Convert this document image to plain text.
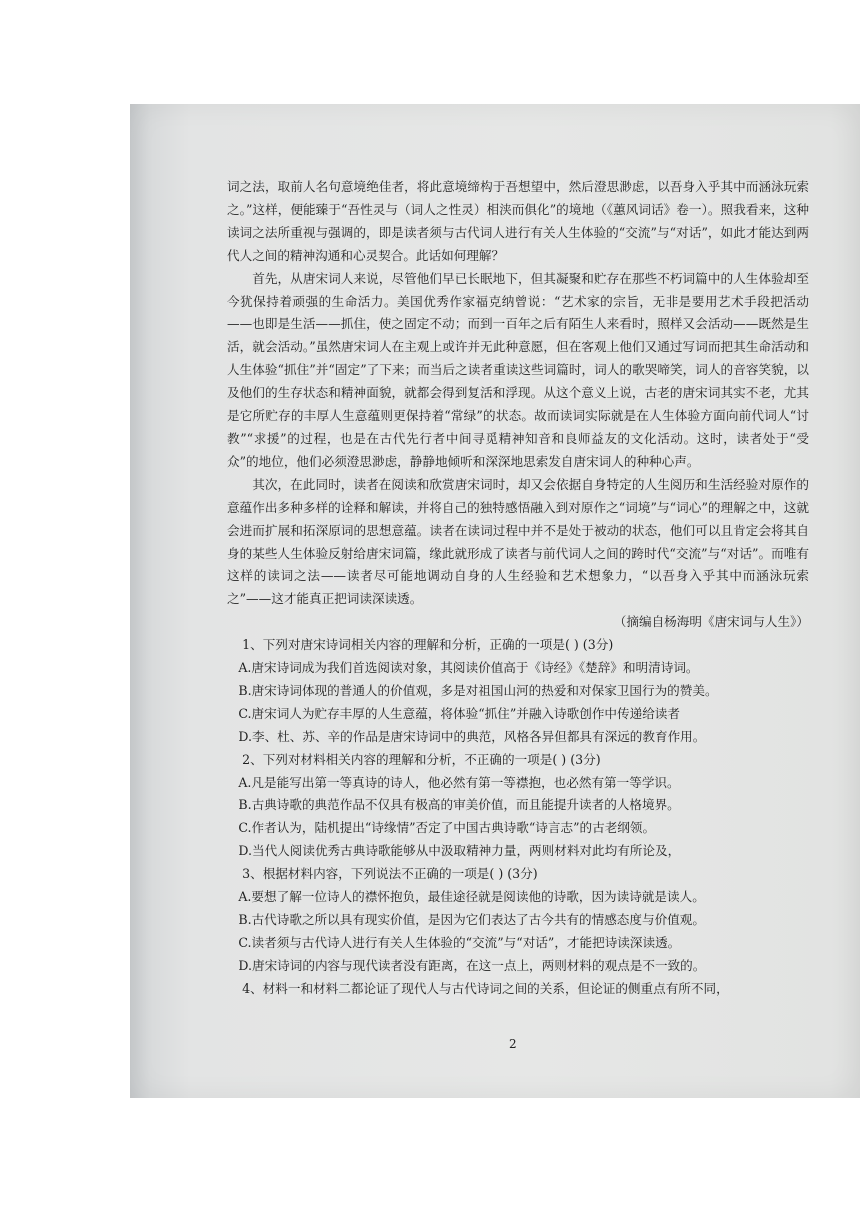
词之法，取前人名句意境绝佳者，将此意境缔构于吾想望中，然后澄思渺虑，以吾身入乎其中而涵泳玩索之。”这样，便能臻于“吾性灵与（词人之性灵）相浃而俱化”的境地（《蕙风词话》卷一）。照我看来，这种读词之法所重视与强调的，即是读者须与古代词人进行有关人生体验的“交流”与“对话”，如此才能达到两代人之间的精神沟通和心灵契合。此话如何理解？

首先，从唐宋词人来说，尽管他们早已长眠地下，但其凝聚和贮存在那些不朽词篇中的人生体验却至今犹保持着顽强的生命活力。美国优秀作家福克纳曾说：“艺术家的宗旨，无非是要用艺术手段把活动——也即是生活——抓住，使之固定不动；而到一百年之后有陌生人来看时，照样又会活动——既然是生活，就会活动。”虽然唐宋词人在主观上或许并无此种意愿，但在客观上他们又通过写词而把其生命活动和人生体验“抓住”并“固定”了下来；而当后之读者重读这些词篇时，词人的歌哭啼笑，词人的音容笑貌，以及他们的生存状态和精神面貌，就都会得到复活和浮现。从这个意义上说，古老的唐宋词其实不老，尤其是它所贮存的丰厚人生意蕴则更保持着“常绿”的状态。故而读词实际就是在人生体验方面向前代词人“讨教”“求援”的过程，也是在古代先行者中间寻觅精神知音和良师益友的文化活动。这时，读者处于“受众”的地位，他们必须澄思渺虑，静静地倾听和深深地思索发自唐宋词人的种种心声。

其次，在此同时，读者在阅读和欣赏唐宋词时，却又会依据自身特定的人生阅历和生活经验对原作的意蕴作出多种多样的诠释和解读，并将自己的独特感悟融入到对原作之“词境”与“词心”的理解之中，这就会进而扩展和拓深原词的思想意蕴。读者在读词过程中并不是处于被动的状态，他们可以且肯定会将其自身的某些人生体验反射给唐宋词篇，缘此就形成了读者与前代词人之间的跨时代“交流”与“对话”。而唯有这样的读词之法——读者尽可能地调动自身的人生经验和艺术想象力，“以吾身入乎其中而涵泳玩索之”——这才能真正把词读深读透。
（摘编自杨海明《唐宋词与人生》）

1、下列对唐宋诗词相关内容的理解和分析，正确的一项是( ) (3分)

A.唐宋诗词成为我们首选阅读对象，其阅读价值高于《诗经》《楚辞》和明清诗词。

B.唐宋诗词体现的普通人的价值观，多是对祖国山河的热爱和对保家卫国行为的赞美。

C.唐宋词人为贮存丰厚的人生意蕴，将体验“抓住”并融入诗歌创作中传递给读者

D.李、杜、苏、辛的作品是唐宋诗词中的典范，风格各异但都具有深远的教育作用。

2、下列对材料相关内容的理解和分析，不正确的一项是( ) (3分)

A.凡是能写出第一等真诗的诗人，他必然有第一等襟抱，也必然有第一等学识。

B.古典诗歌的典范作品不仅具有极高的审美价值，而且能提升读者的人格境界。

C.作者认为，陆机提出“诗缘情”否定了中国古典诗歌“诗言志”的古老纲领。

D.当代人阅读优秀古典诗歌能够从中汲取精神力量，两则材料对此均有所论及，

3、根据材料内容，下列说法不正确的一项是( ) (3分)

A.要想了解一位诗人的襟怀抱负，最佳途径就是阅读他的诗歌，因为读诗就是读人。

B.古代诗歌之所以具有现实价值，是因为它们表达了古今共有的情感态度与价值观。

C.读者须与古代诗人进行有关人生体验的“交流”与“对话”，才能把诗读深读透。

D.唐宋诗词的内容与现代读者没有距离，在这一点上，两则材料的观点是不一致的。

4、材料一和材料二都论证了现代人与古代诗词之间的关系，但论证的侧重点有所不同，

2
